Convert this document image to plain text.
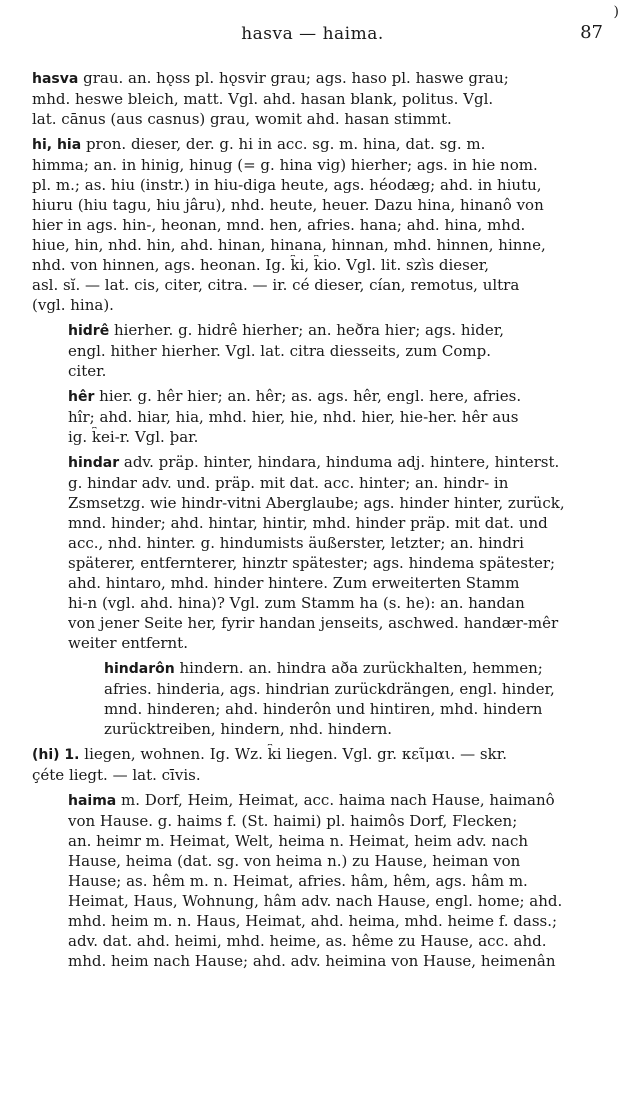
)
hasva — haima.	87
hasva grau. an. hǫss pl. hǫsvir grau; ags. haso pl. haswe grau;
mhd. heswe bleich, matt. Vgl. ahd. hasan blank, politus. Vgl.
lat. cānus (aus casnus) grau, womit ahd. hasan stimmt.
hi, hia pron. dieser, der. g. hi in acc. sg. m. hina, dat. sg. m.
himma; an. in hinig, hinug (= g. hina vig) hierher; ags. in hie nom.
pl. m.; as. hiu (instr.) in hiu-diga heute, ags. héodæg; ahd. in hiutu,
hiuru (hiu tagu, hiu jâru), nhd. heute, heuer. Dazu hina, hinanô von
hier in ags. hin-, heonan, mnd. hen, afries. hana; ahd. hina, mhd.
hiue, hin, nhd. hin, ahd. hinan, hinana, hinnan, mhd. hinnen, hinne,
nhd. von hinnen, ags. heonan. Ig. k̑i, k̑io. Vgl. lit. szìs dieser,
asl. sĭ. — lat. cis, citer, citra. — ir. cé dieser, cían, remotus, ultra
(vgl. hina).
hidrê hierher. g. hidrê hierher; an. heðra hier; ags. hider,
engl. hither hierher. Vgl. lat. citra diesseits, zum Comp.
citer.
hêr hier. g. hêr hier; an. hêr; as. ags. hêr, engl. here, afries.
hîr; ahd. hiar, hia, mhd. hier, hie, nhd. hier, hie-her. hêr aus
ig. k̑ei-r. Vgl. þar.
hindar adv. präp. hinter, hindara, hinduma adj. hintere, hinterst.
g. hindar adv. und. präp. mit dat. acc. hinter; an. hindr- in
Zsmsetzg. wie hindr-vitni Aberglaube; ags. hinder hinter, zurück,
mnd. hinder; ahd. hintar, hintir, mhd. hinder präp. mit dat. und
acc., nhd. hinter. g. hindumists äußerster, letzter; an. hindri
späterer, entfernterer, hinztr spätester; ags. hindema spätester;
ahd. hintaro, mhd. hinder hintere. Zum erweiterten Stamm
hi-n (vgl. ahd. hina)? Vgl. zum Stamm ha (s. he): an. handan
von jener Seite her, fyrir handan jenseits, aschwed. handær-mêr
weiter entfernt.
hindarôn hindern. an. hindra aða zurückhalten, hemmen;
afries. hinderia, ags. hindrian zurückdrängen, engl. hinder,
mnd. hinderen; ahd. hinderôn und hintiren, mhd. hindern
zurücktreiben, hindern, nhd. hindern.
(hi) 1. liegen, wohnen. Ig. Wz. k̑i liegen. Vgl. gr. κεῖμαι. — skr.
çéte liegt. — lat. cīvis.
haima m. Dorf, Heim, Heimat, acc. haima nach Hause, haimanô
von Hause. g. haims f. (St. haimi) pl. haimôs Dorf, Flecken;
an. heimr m. Heimat, Welt, heima n. Heimat, heim adv. nach
Hause, heima (dat. sg. von heima n.) zu Hause, heiman von
Hause; as. hêm m. n. Heimat, afries. hâm, hêm, ags. hâm m.
Heimat, Haus, Wohnung, hâm adv. nach Hause, engl. home; ahd.
mhd. heim m. n. Haus, Heimat, ahd. heima, mhd. heime f. dass.;
adv. dat. ahd. heimi, mhd. heime, as. hême zu Hause, acc. ahd.
mhd. heim nach Hause; ahd. adv. heimina von Hause, heimenân
